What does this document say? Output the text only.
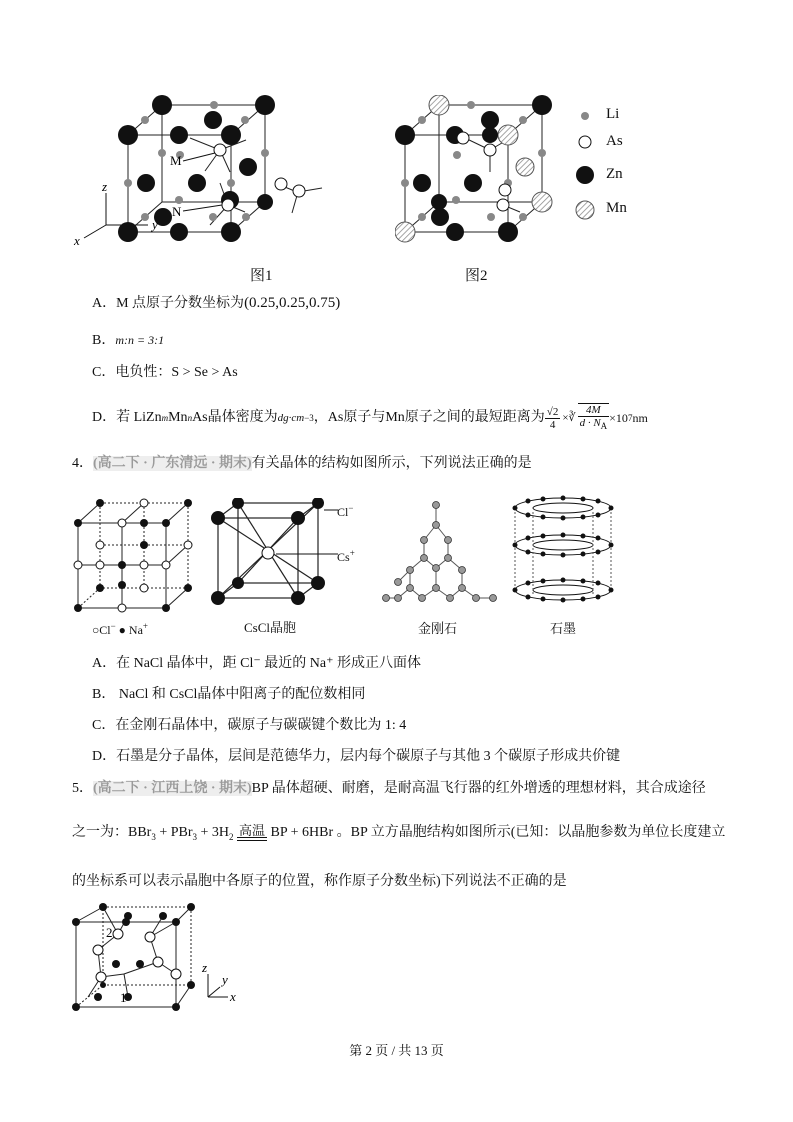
M
N
z
y
x
Li
As
Zn
Mn
图1	图2
A．M 点原子分数坐标为(0.25,0.25,0.75)
B．m:n = 3:1
C．电负性：S > Se > As
D．若 LiZn m Mn n As晶体密度为 dg·cm −3 ，As原子与Mn原子之间的最短距离为 $\frac{√2}{4}$ ×∛ $\frac{4M}{d \cdot N_A} \times 10$ 7 nm
4．(高二下 · 广东清远 · 期末)有关晶体的结构如图所示，下列说法正确的是
○Cl− ● Na+
Cl−
Cs+
CsCl晶胞	金刚石	石墨
A．在 NaCl 晶体中，距 Cl⁻ 最近的 Na⁺ 形成正八面体
B． NaCl 和 CsCl晶体中阳离子的配位数相同
C．在金刚石晶体中，碳原子与碳碳键个数比为 1: 4
D．石墨是分子晶体，层间是范德华力，层内每个碳原子与其他 3 个碳原子形成共价键
5．(高二下 · 江西上饶 · 期末)BP 晶体超硬、耐磨，是耐高温飞行器的红外增透的理想材料，其合成途径
之一为：$BBr_3 + PBr_3 + 3H_2$ 高温 BP + 6HBr 。BP 立方晶胞结构如图所示(已知：以晶胞参数为单位长度建立
的坐标系可以表示晶胞中各原子的位置，称作原子分数坐标)下列说法不正确的是
2
1
z
y
x
第 2 页 / 共 13 页
